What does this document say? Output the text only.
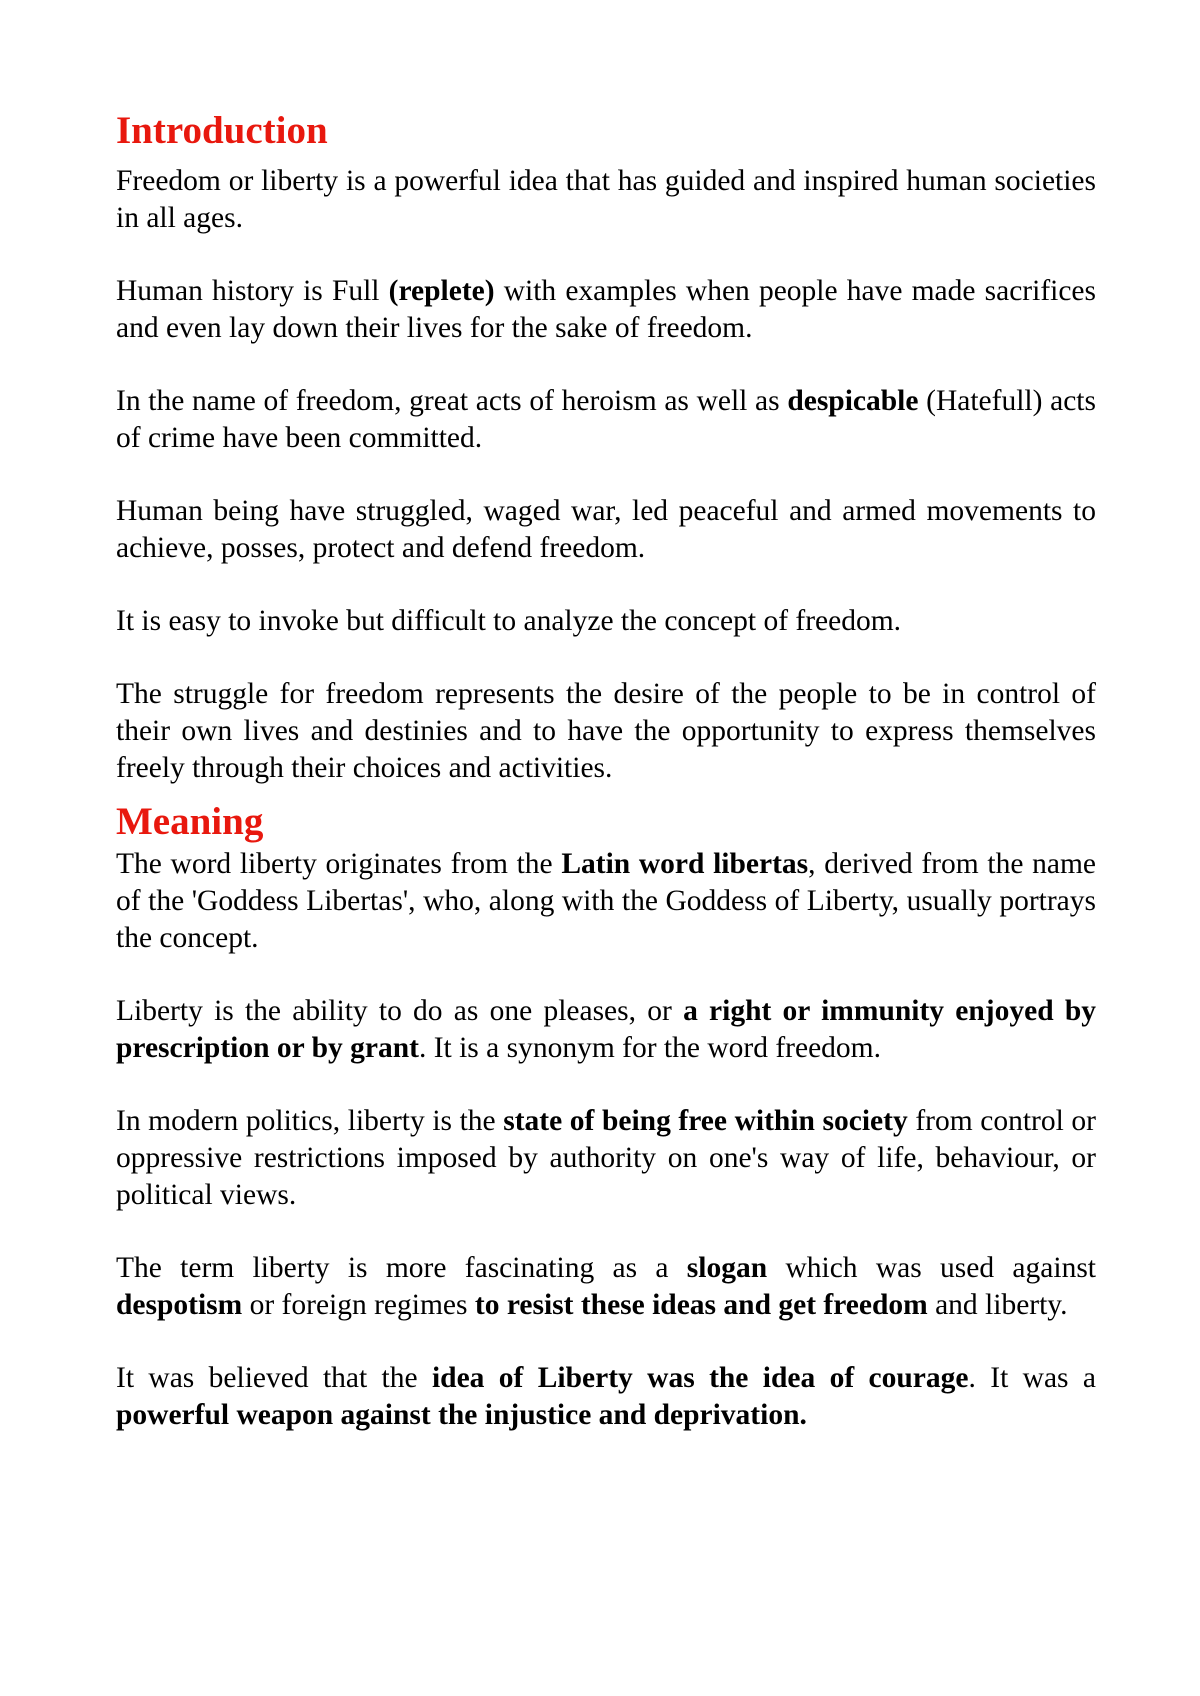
Introduction

Freedom or liberty is a powerful idea that has guided and inspired human societies in all ages.

Human history is Full (replete) with examples when people have made sacrifices and even lay down their lives for the sake of freedom.

In the name of freedom, great acts of heroism as well as despicable (Hatefull) acts of crime have been committed.

Human being have struggled, waged war, led peaceful and armed movements to achieve, posses, protect and defend freedom.

It is easy to invoke but difficult to analyze the concept of freedom.

The struggle for freedom represents the desire of the people to be in control of their own lives and destinies and to have the opportunity to express themselves freely through their choices and activities.

Meaning

The word liberty originates from the Latin word libertas, derived from the name of the 'Goddess Libertas', who, along with the Goddess of Liberty, usually portrays the concept.

Liberty is the ability to do as one pleases, or a right or immunity enjoyed by prescription or by grant. It is a synonym for the word freedom.

In modern politics, liberty is the state of being free within society from control or oppressive restrictions imposed by authority on one's way of life, behaviour, or political views.

The term liberty is more fascinating as a slogan which was used against despotism or foreign regimes to resist these ideas and get freedom and liberty.

It was believed that the idea of Liberty was the idea of courage. It was a powerful weapon against the injustice and deprivation.
